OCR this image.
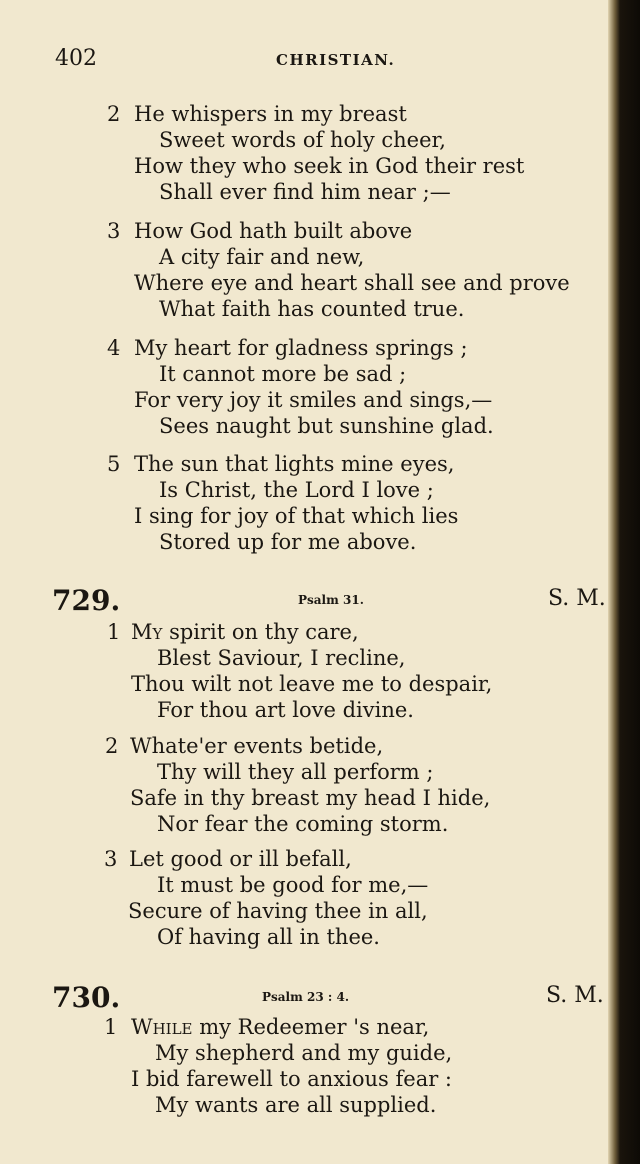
402	CHRISTIAN.
2 He whispers in my breast
Sweet words of holy cheer,
How they who seek in God their rest
Shall ever find him near ;—
3 How God hath built above
A city fair and new,
Where eye and heart shall see and prove
What faith has counted true.
4 My heart for gladness springs ;
It cannot more be sad ;
For very joy it smiles and sings,—
Sees naught but sunshine glad.
5 The sun that lights mine eyes,
Is Christ, the Lord I love ;
I sing for joy of that which lies
Stored up for me above.
729.	Psalm 31.	S. M.
1 My spirit on thy care,
Blest Saviour, I recline,
Thou wilt not leave me to despair,
For thou art love divine.
2 Whate'er events betide,
Thy will they all perform ;
Safe in thy breast my head I hide,
Nor fear the coming storm.
3 Let good or ill befall,
It must be good for me,—
Secure of having thee in all,
Of having all in thee.
730.	Psalm 23 : 4.	S. M.
1 While my Redeemer 's near,
My shepherd and my guide,
I bid farewell to anxious fear :
My wants are all supplied.
